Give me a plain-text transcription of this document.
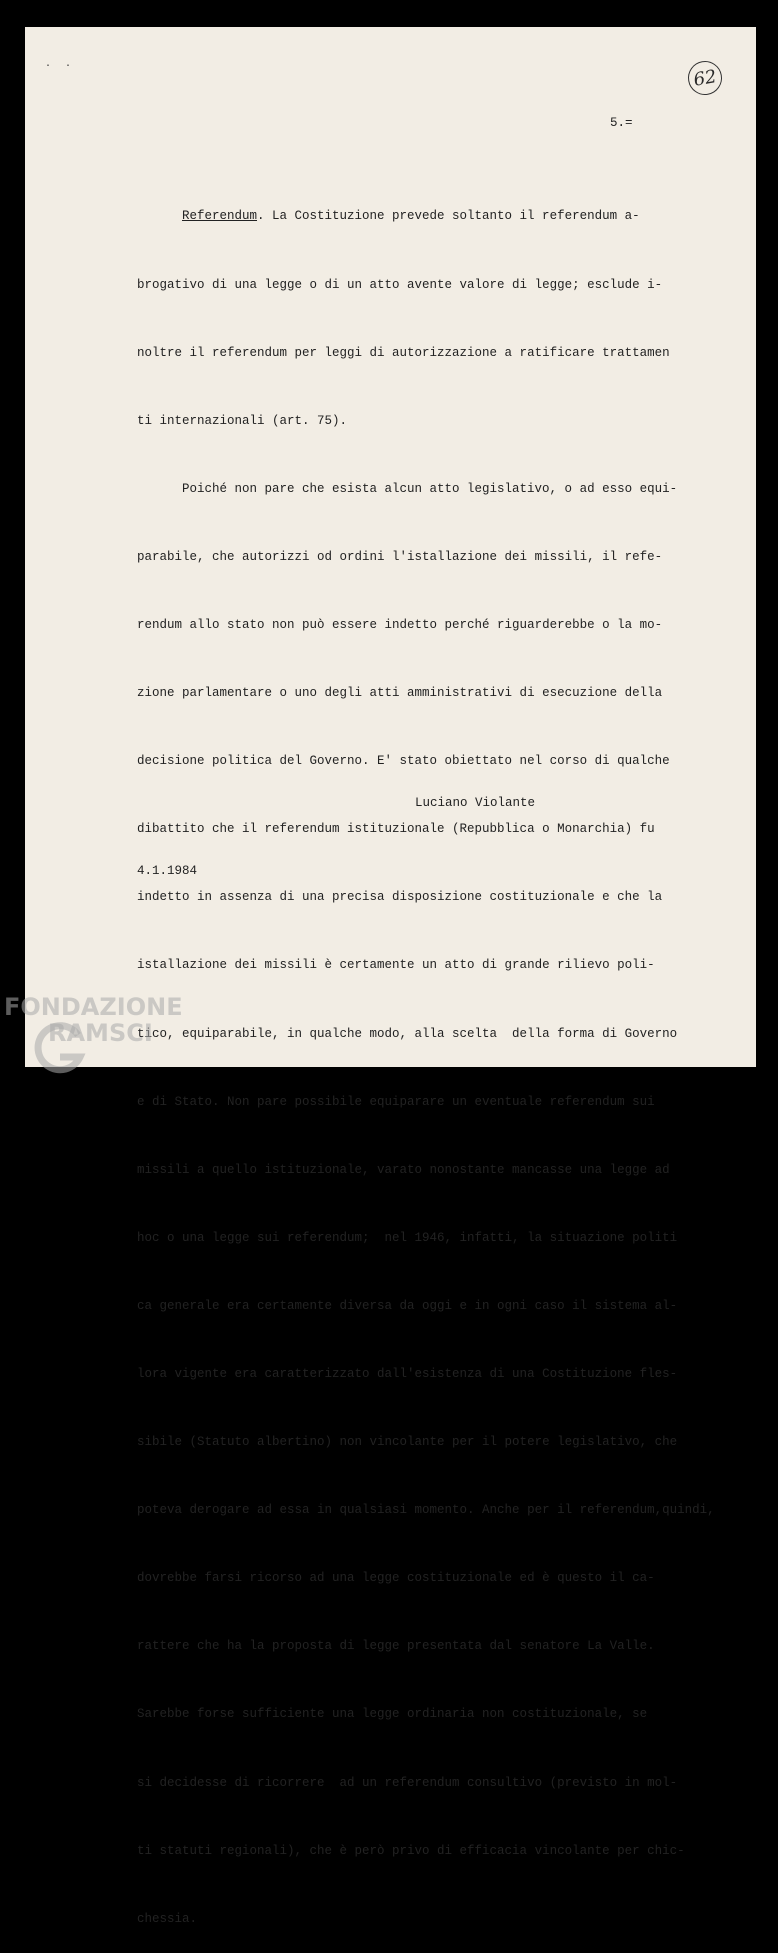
··	62
5.=

Referendum. La Costituzione prevede soltanto il referendum a-

brogativo di una legge o di un atto avente valore di legge; esclude i-

noltre il referendum per leggi di autorizzazione a ratificare trattamen

ti internazionali (art. 75).

Poiché non pare che esista alcun atto legislativo, o ad esso equi-

parabile, che autorizzi od ordini l'istallazione dei missili, il refe-

rendum allo stato non può essere indetto perché riguarderebbe o la mo-

zione parlamentare o uno degli atti amministrativi di esecuzione della

decisione politica del Governo. E' stato obiettato nel corso di qualche

dibattito che il referendum istituzionale (Repubblica o Monarchia) fu

indetto in assenza di una precisa disposizione costituzionale e che la

istallazione dei missili è certamente un atto di grande rilievo poli-

tico, equiparabile, in qualche modo, alla scelta  della forma di Governo

e di Stato. Non pare possibile equiparare un eventuale referendum sui

missili a quello istituzionale, varato nonostante mancasse una legge ad

hoc o una legge sui referendum;  nel 1946, infatti, la situazione politi

ca generale era certamente diversa da oggi e in ogni caso il sistema al-

lora vigente era caratterizzato dall'esistenza di una Costituzione fles-

sibile (Statuto albertino) non vincolante per il potere legislativo, che

poteva derogare ad essa in qualsiasi momento. Anche per il referendum,quindi,

dovrebbe farsi ricorso ad una legge costituzionale ed è questo il ca-

rattere che ha la proposta di legge presentata dal senatore La Valle.

Sarebbe forse sufficiente una legge ordinaria non costituzionale, se

si decidesse di ricorrere  ad un referendum consultivo (previsto in mol-

ti statuti regionali), che è però privo di efficacia vincolante per chic-

chessia.

Luciano Violante
4.1.1984
FONDAZIONE
RAMSCI
